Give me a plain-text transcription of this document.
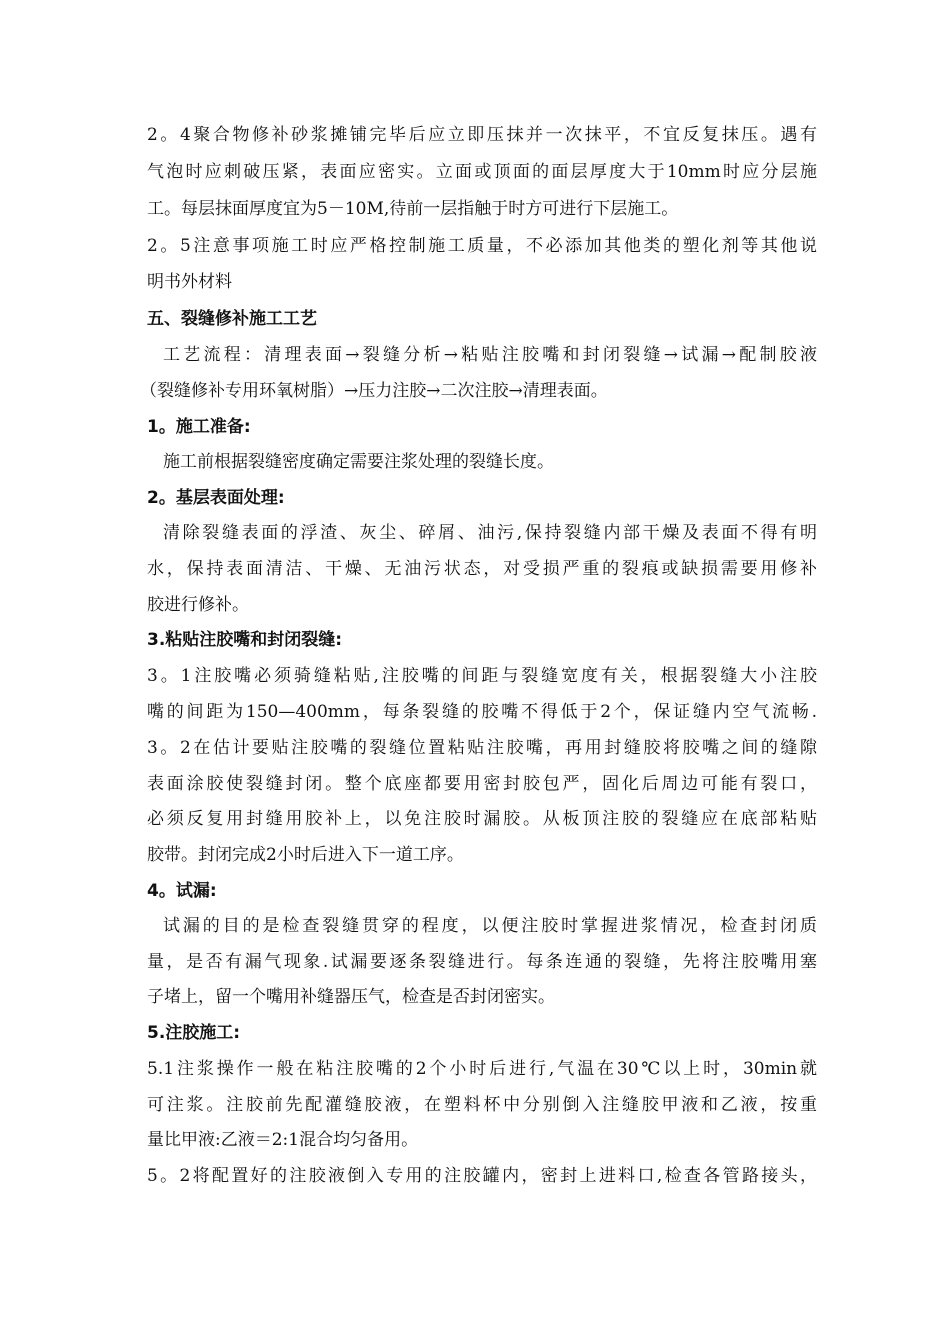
2。4聚合物修补砂浆摊铺完毕后应立即压抹并一次抹平，不宜反复抹压。遇有
气泡时应刺破压紧，表面应密实。立面或顶面的面层厚度大于10mm时应分层施
工。每层抹面厚度宜为5－10M,待前一层指触于时方可进行下层施工。
2。5注意事项施工时应严格控制施工质量，不必添加其他类的塑化剂等其他说
明书外材料
五、裂缝修补施工工艺
工艺流程：清理表面→裂缝分析→粘贴注胶嘴和封闭裂缝→试漏→配制胶液
（裂缝修补专用环氧树脂）→压力注胶→二次注胶→清理表面。
1。施工准备:
施工前根据裂缝密度确定需要注浆处理的裂缝长度。
2。基层表面处理:
清除裂缝表面的浮渣、灰尘、碎屑、油污,保持裂缝内部干燥及表面不得有明
水，保持表面清洁、干燥、无油污状态，对受损严重的裂痕或缺损需要用修补
胶进行修补。
3.粘贴注胶嘴和封闭裂缝:
3。1注胶嘴必须骑缝粘贴,注胶嘴的间距与裂缝宽度有关，根据裂缝大小注胶
嘴的间距为150—400mm，每条裂缝的胶嘴不得低于2个，保证缝内空气流畅.
3。2在估计要贴注胶嘴的裂缝位置粘贴注胶嘴，再用封缝胶将胶嘴之间的缝隙
表面涂胶使裂缝封闭。整个底座都要用密封胶包严，固化后周边可能有裂口，
必须反复用封缝用胶补上，以免注胶时漏胶。从板顶注胶的裂缝应在底部粘贴
胶带。封闭完成2小时后进入下一道工序。
4。试漏:
试漏的目的是检查裂缝贯穿的程度，以便注胶时掌握进浆情况，检查封闭质
量，是否有漏气现象.试漏要逐条裂缝进行。每条连通的裂缝，先将注胶嘴用塞
子堵上，留一个嘴用补缝器压气，检查是否封闭密实。
5.注胶施工:
5.1注浆操作一般在粘注胶嘴的2个小时后进行,气温在30℃以上时，30min就
可注浆。注胶前先配灌缝胶液，在塑料杯中分别倒入注缝胶甲液和乙液，按重
量比甲液:乙液＝2:1混合均匀备用。
5。2将配置好的注胶液倒入专用的注胶罐内，密封上进料口,检查各管路接头，
